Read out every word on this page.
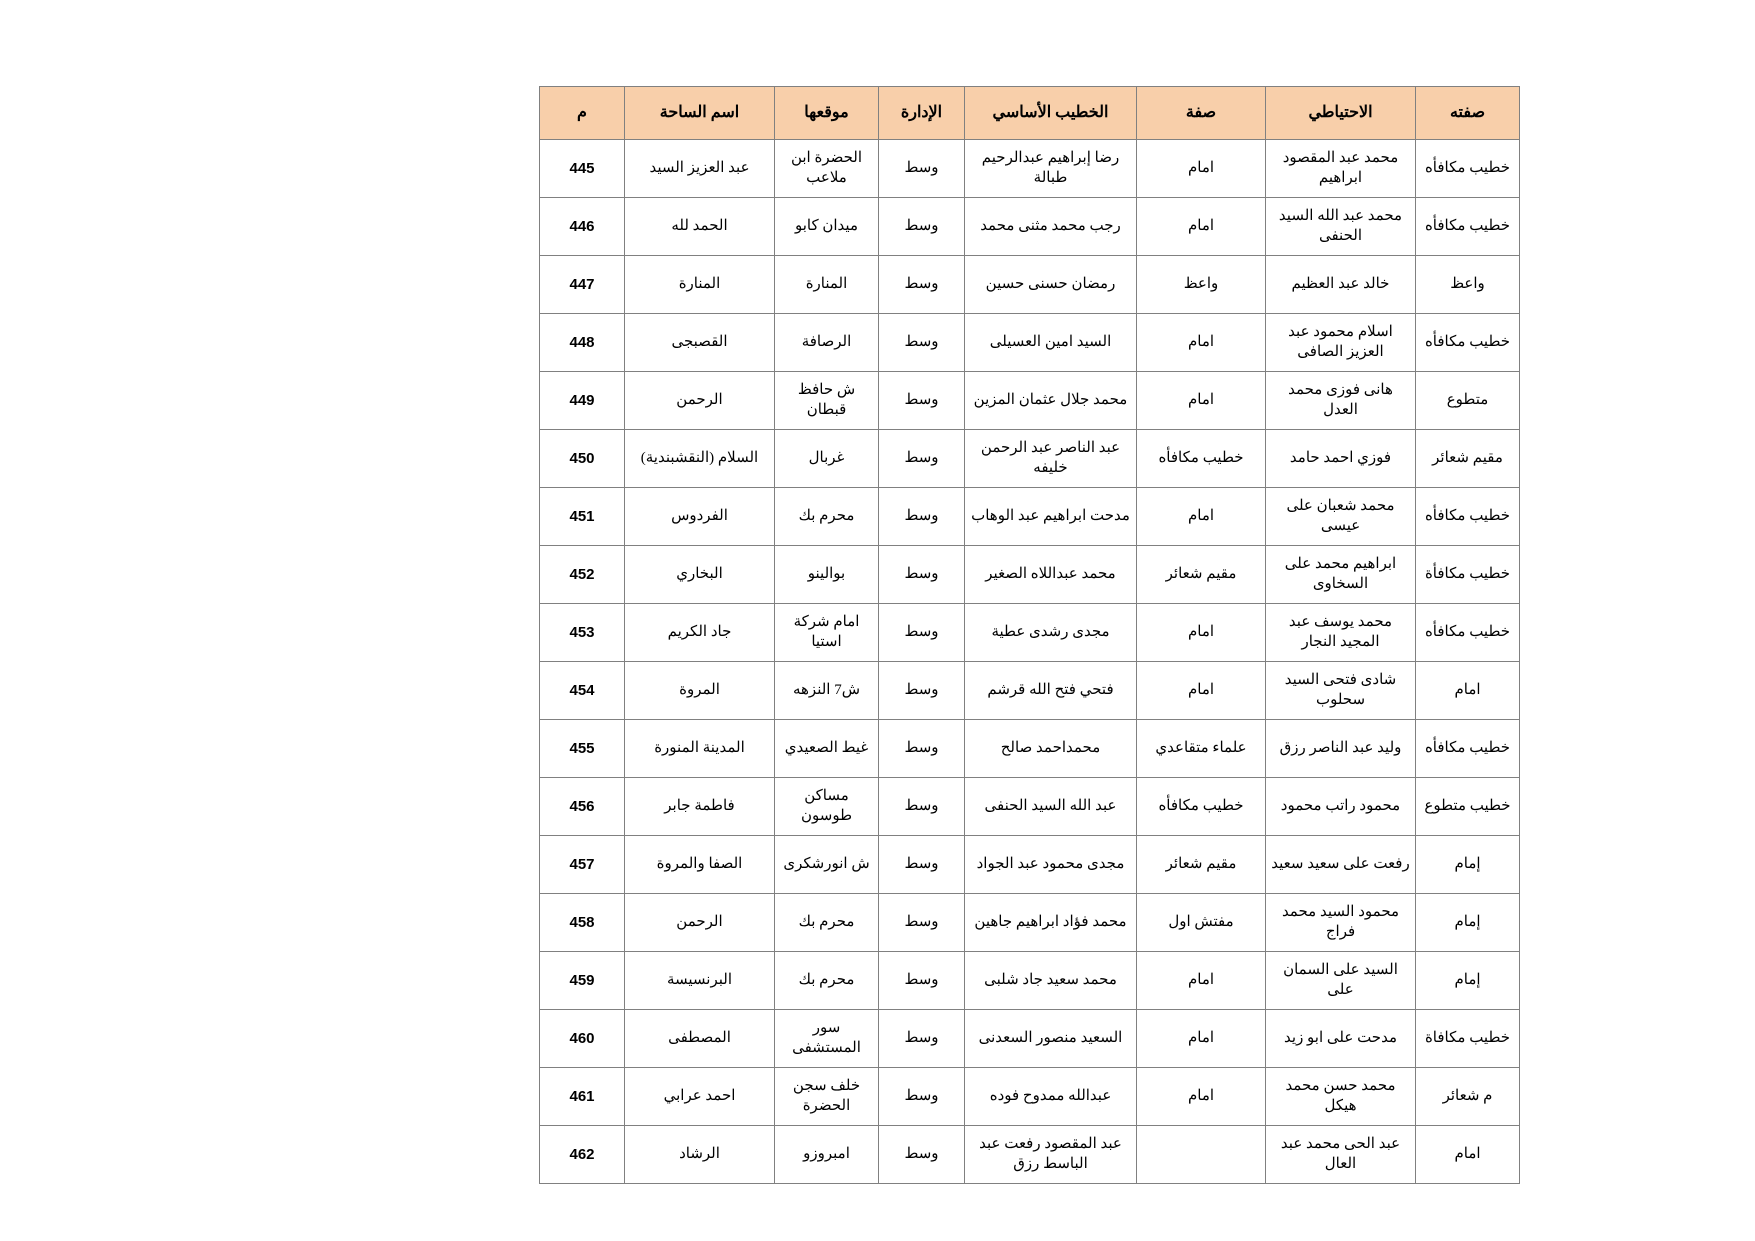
صفته	الاحتياطي	صفة	الخطيب الأساسي	الإدارة	موقعها	اسم الساحة	م
خطيب مكافأه	محمد عبد المقصود ابراهيم	امام	رضا إبراهيم عبدالرحيم طبالة	وسط	الحضرة ابن ملاعب	عبد العزيز السيد	445
خطيب مكافأه	محمد عبد الله السيد الحنفى	امام	رجب محمد مثنى محمد	وسط	ميدان كابو	الحمد لله	446
واعظ	خالد عبد العظيم	واعظ	رمضان حسنى حسين	وسط	المنارة	المنارة	447
خطيب مكافأه	اسلام محمود عبد العزيز الصافى	امام	السيد امين العسيلى	وسط	الرصافة	القصبجى	448
متطوع	هانى فوزى محمد العدل	امام	محمد جلال عثمان المزين	وسط	ش حافظ قبطان	الرحمن	449
مقيم شعائر	فوزي احمد حامد	خطيب مكافأه	عبد الناصر عبد الرحمن خليفه	وسط	غربال	السلام (النقشبندية)	450
خطيب مكافأه	محمد شعبان على عيسى	امام	مدحت ابراهيم عبد الوهاب	وسط	محرم بك	الفردوس	451
خطيب مكافأة	ابراهيم محمد على السخاوى	مقيم شعائر	محمد عبداللاه الصغير	وسط	بوالينو	البخاري	452
خطيب مكافأه	محمد يوسف عبد المجيد النجار	امام	مجدى رشدى عطية	وسط	امام شركة استيا	جاد الكريم	453
امام	شادى فتحى السيد سحلوب	امام	فتحي فتح الله قرشم	وسط	ش7 النزهه	المروة	454
خطيب مكافأه	وليد عبد الناصر رزق	علماء متقاعدي	محمداحمد صالح	وسط	غيط الصعيدي	المدينة المنورة	455
خطيب متطوع	محمود راتب محمود	خطيب مكافأه	عبد الله السيد الحنفى	وسط	مساكن طوسون	فاطمة جابر	456
إمام	رفعت على سعيد سعيد	مقيم شعائر	مجدى محمود عبد الجواد	وسط	ش انورشكرى	الصفا والمروة	457
إمام	محمود السيد محمد فراج	مفتش اول	محمد فؤاد ابراهيم جاهين	وسط	محرم بك	الرحمن	458
إمام	السيد على السمان على	امام	محمد سعيد جاد شلبى	وسط	محرم بك	البرنسيسة	459
خطيب مكافاة	مدحت على ابو زيد	امام	السعيد منصور السعدنى	وسط	سور المستشفى	المصطفى	460
م شعائر	محمد حسن محمد هيكل	امام	عبدالله ممدوح فوده	وسط	خلف سجن الحضرة	احمد عرابي	461
امام	عبد الحى محمد عبد العال		عبد المقصود رفعت عبد الباسط رزق	وسط	امبروزو	الرشاد	462
